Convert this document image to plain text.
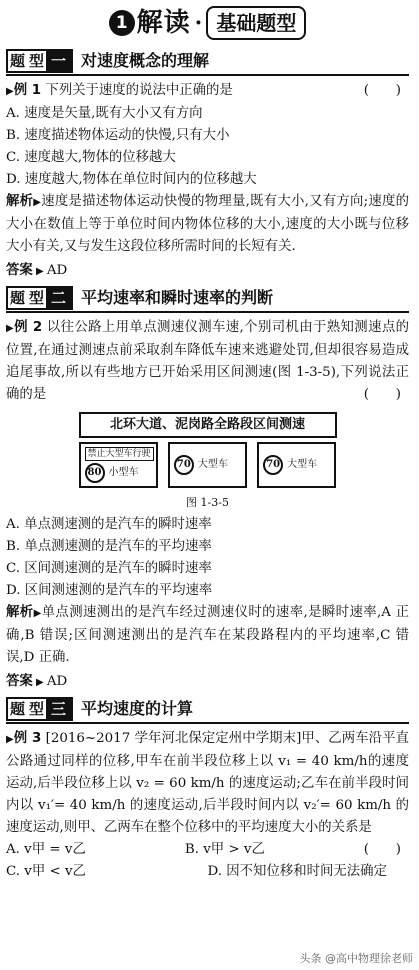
1 解 读 · 基础题型
题 型 一 对速度概念的理解

▶例 1 下列关于速度的说法中正确的是	(　　)

A. 速度是矢量,既有大小又有方向

B. 速度描述物体运动的快慢,只有大小

C. 速度越大,物体的位移越大

D. 速度越大,物体在单位时间内的位移越大

解析▶速度是描述物体运动快慢的物理量,既有大小,又有方向;速度的大小在数值上等于单位时间内物体位移的大小,速度的大小既与位移大小有关,又与发生这段位移所需时间的长短有关.

答案 ▶ AD

题 型 二 平均速率和瞬时速率的判断

▶例 2 以往公路上用单点测速仪测车速,个别司机由于熟知测速点的位置,在通过测速点前采取刹车降低车速来逃避处罚,但却很容易造成追尾事故,所以有些地方已开始采用区间测速(图 1-3-5),下列说法正确的是	(　　)

北环大道、泥岗路全路段区间测速
禁止大型车行驶
80 小型车
70 大型车	70 大型车
图 1-3-5

A. 单点测速测的是汽车的瞬时速率

B. 单点测速测的是汽车的平均速率

C. 区间测速测的是汽车的瞬时速率

D. 区间测速测的是汽车的平均速率

解析▶单点测速测出的是汽车经过测速仪时的速率,是瞬时速率,A 正确,B 错误;区间测速测出的是汽车在某段路程内的平均速率,C 错误,D 正确.

答案 ▶ AD

题 型 三 平均速度的计算

▶例 3 [2016~2017 学年河北保定定州中学期末]甲、乙两车沿平直公路通过同样的位移,甲车在前半段位移上以 v₁ = 40 km/h的速度运动,后半段位移上以 v₂ = 60 km/h 的速度运动;乙车在前半段时间内以 v₁′= 40 km/h 的速度运动,后半段时间内以 v₂′= 60 km/h 的速度运动,则甲、乙两车在整个位移中的平均速度大小的关系是
(　　)

A. v甲 = v乙	B. v甲 > v乙
C. v甲 < v乙	D. 因不知位移和时间无法确定
头条 @高中物理徐老师
